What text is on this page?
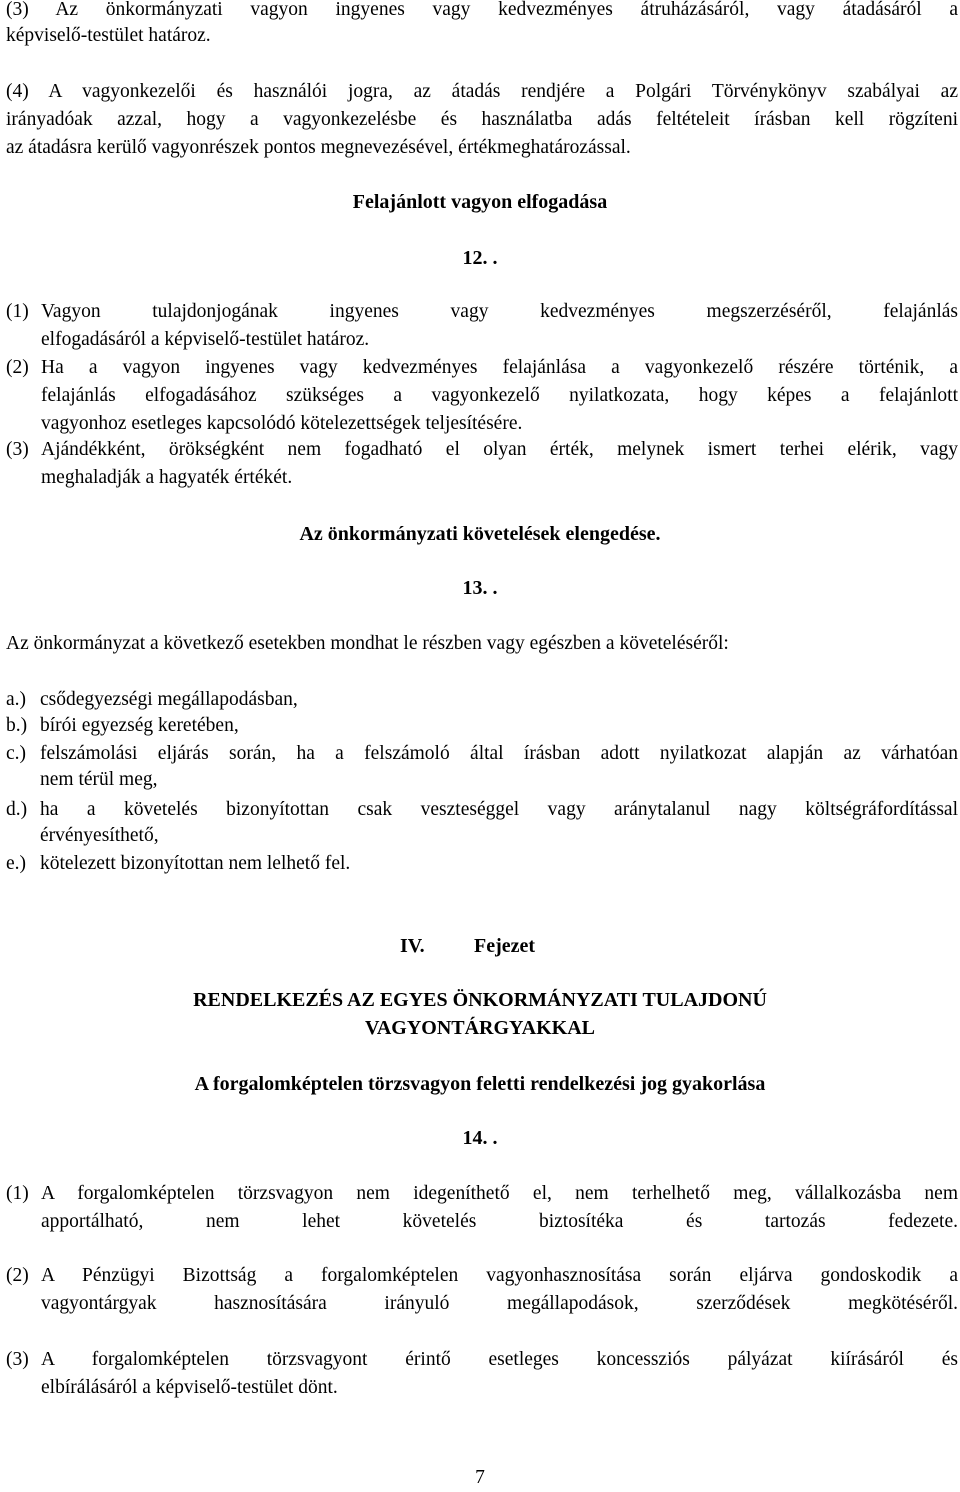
(3) Az önkormányzati vagyon ingyenes vagy kedvezményes átruházásáról, vagy átadásáról a
képviselő-testület határoz.
(4) A vagyonkezelői és használói jogra, az átadás rendjére a Polgári Törvénykönyv szabályai az
irányadóak azzal, hogy a vagyonkezelésbe és használatba adás feltételeit írásban kell rögzíteni
az átadásra kerülő vagyonrészek pontos megnevezésével, értékmeghatározással.
Felajánlott vagyon elfogadása
12. .
(1) Vagyon tulajdonjogának ingyenes vagy kedvezményes megszerzéséről, felajánlás
elfogadásáról a képviselő-testület határoz.
(2) Ha a vagyon ingyenes vagy kedvezményes felajánlása a vagyonkezelő részére történik, a
felajánlás elfogadásához szükséges a vagyonkezelő nyilatkozata, hogy képes a felajánlott
vagyonhoz esetleges kapcsolódó kötelezettségek teljesítésére.
(3) Ajándékként, örökségként nem fogadható el olyan érték, melynek ismert terhei elérik, vagy
meghaladják a hagyaték értékét.
Az önkormányzati követelések elengedése.
13. .
Az önkormányzat a következő esetekben mondhat le részben vagy egészben a követeléséről:
a.) csődegyezségi megállapodásban,
b.) bírói egyezség keretében,
c.) felszámolási eljárás során, ha a felszámoló által írásban adott nyilatkozat alapján az várhatóan
nem térül meg,
d.) ha a követelés bizonyítottan csak veszteséggel vagy aránytalanul nagy költségráfordítással
érvényesíthető,
e.) kötelezett bizonyítottan nem lelhető fel.
IV. Fejezet
RENDELKEZÉS AZ EGYES ÖNKORMÁNYZATI TULAJDONÚ
VAGYONTÁRGYAKKAL
A forgalomképtelen törzsvagyon feletti rendelkezési jog gyakorlása
14. .
(1) A forgalomképtelen törzsvagyon nem idegeníthető el, nem terhelhető meg, vállalkozásba nem
apportálható, nem lehet követelés biztosítéka és tartozás fedezete.
(2) A Pénzügyi Bizottság a forgalomképtelen vagyonhasznosítása során eljárva gondoskodik a
vagyontárgyak hasznosítására irányuló megállapodások, szerződések megkötéséről.
(3) A forgalomképtelen törzsvagyont érintő esetleges koncessziós pályázat kiírásáról és
elbírálásáról a képviselő-testület dönt.
7
